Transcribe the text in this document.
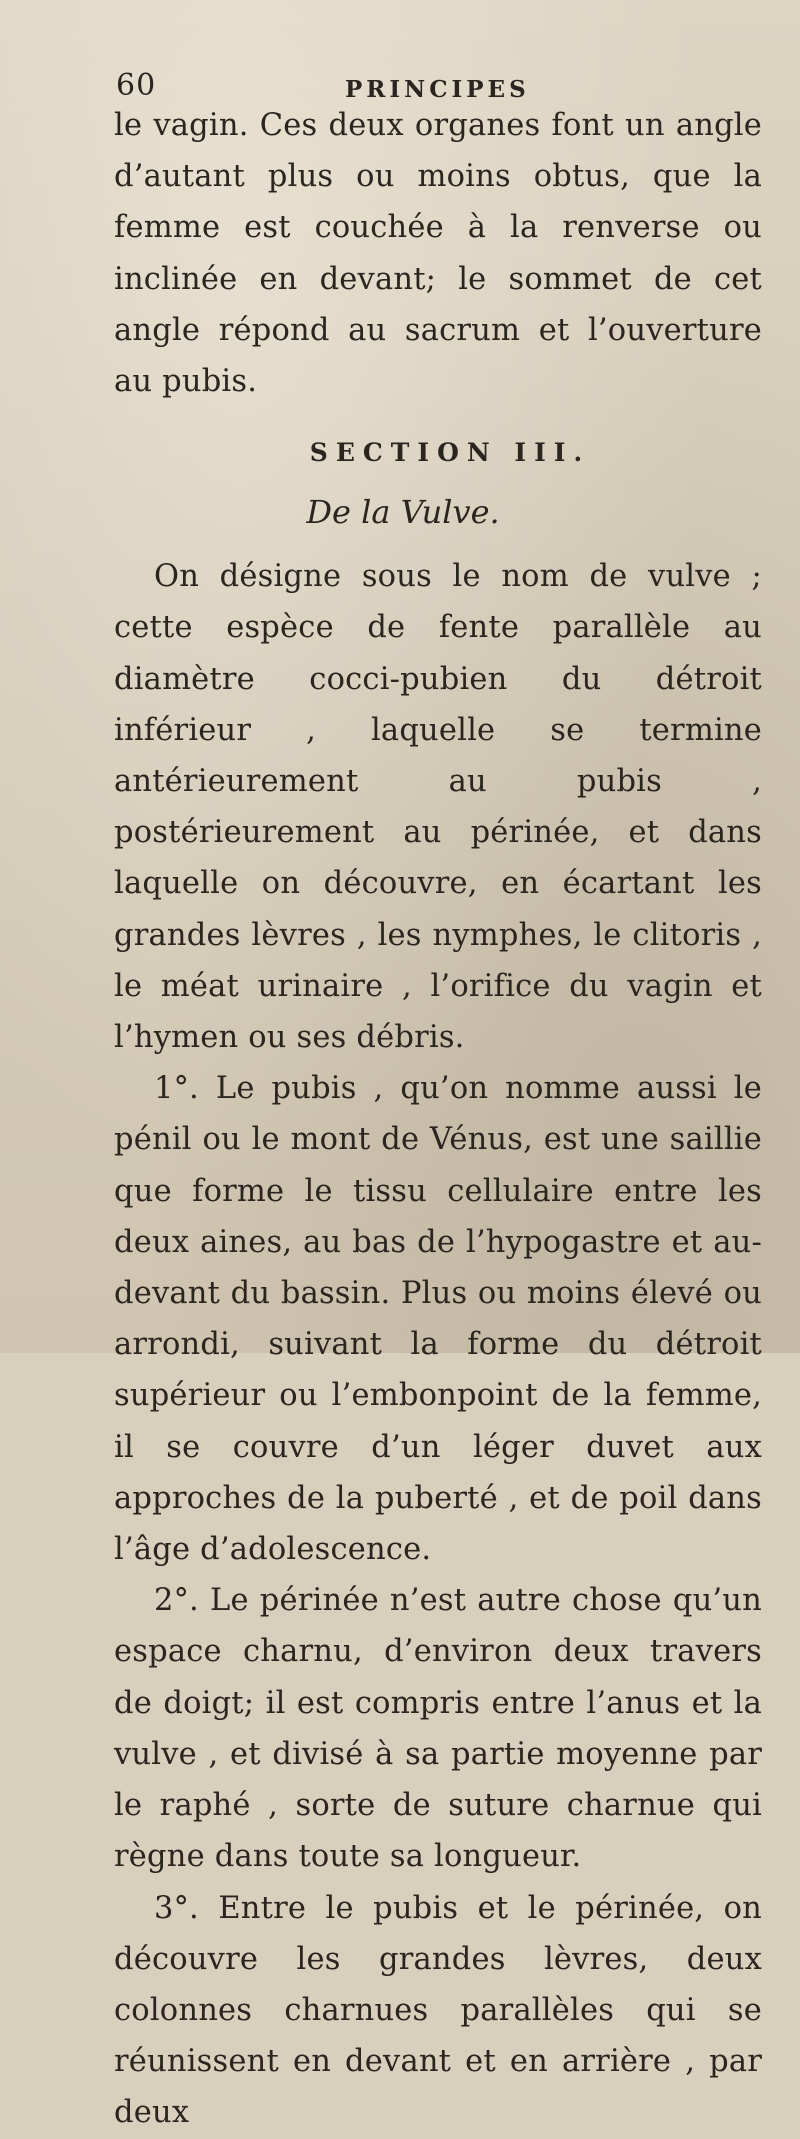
60	PRINCIPES

le vagin. Ces deux organes font un angle d’autant plus ou moins obtus, que la femme est couchée à la renverse ou inclinée en devant; le sommet de cet angle répond au sacrum et l’ouverture au pubis.

SECTION III.
De la Vulve.

On désigne sous le nom de vulve ; cette espèce de fente parallèle au diamètre cocci-pubien du détroit inférieur , laquelle se termine antérieurement au pubis , postérieurement au périnée, et dans laquelle on découvre, en écartant les grandes lèvres , les nymphes, le clitoris , le méat urinaire , l’orifice du vagin et l’hymen ou ses débris.

1°. Le pubis , qu’on nomme aussi le pénil ou le mont de Vénus, est une saillie que forme le tissu cellulaire entre les deux aines, au bas de l’hypogastre et au-devant du bassin. Plus ou moins élevé ou arrondi, suivant la forme du détroit supérieur ou l’embonpoint de la femme, il se couvre d’un léger duvet aux approches de la puberté , et de poil dans l’âge d’adolescence.

2°. Le périnée n’est autre chose qu’un espace charnu, d’environ deux travers de doigt; il est compris entre l’anus et la vulve , et divisé à sa partie moyenne par le raphé , sorte de suture charnue qui règne dans toute sa longueur.

3°. Entre le pubis et le périnée, on découvre les grandes lèvres, deux colonnes charnues parallèles qui se réunissent en devant et en arrière , par deux
